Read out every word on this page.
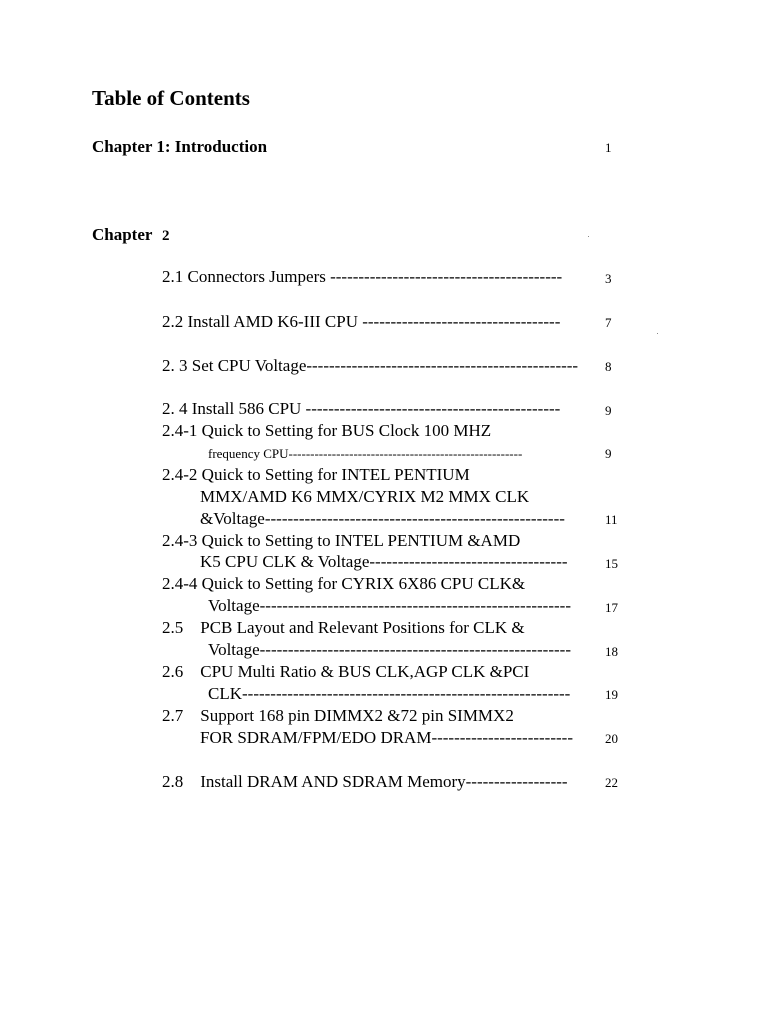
Table of Contents
Chapter 1: Introduction	1
Chapter 2
2.1 Connectors Jumpers -----------------------------------------	3
2.2 Install AMD K6-III CPU -----------------------------------	7
2. 3 Set CPU Voltage------------------------------------------------ 8
2. 4 Install 586 CPU ---------------------------------------------	9
2.4-1 Quick to Setting for BUS Clock 100 MHZ
frequency CPU------------------------------------------------------	9
2.4-2 Quick to Setting for INTEL PENTIUM
MMX/AMD K6 MMX/CYRIX M2 MMX CLK
&Voltage-----------------------------------------------------	11
2.4-3 Quick to Setting to INTEL PENTIUM &AMD
K5 CPU CLK & Voltage-----------------------------------	15
2.4-4 Quick to Setting for CYRIX 6X86 CPU CLK&
Voltage-------------------------------------------------------	17
2.5    PCB Layout and Relevant Positions for CLK &
Voltage-------------------------------------------------------	18
2.6    CPU Multi Ratio & BUS CLK,AGP CLK &PCI
CLK----------------------------------------------------------	19
2.7    Support 168 pin DIMMX2 &72 pin SIMMX2
FOR SDRAM/FPM/EDO DRAM------------------------- 20
2.8    Install DRAM AND SDRAM Memory------------------	22
